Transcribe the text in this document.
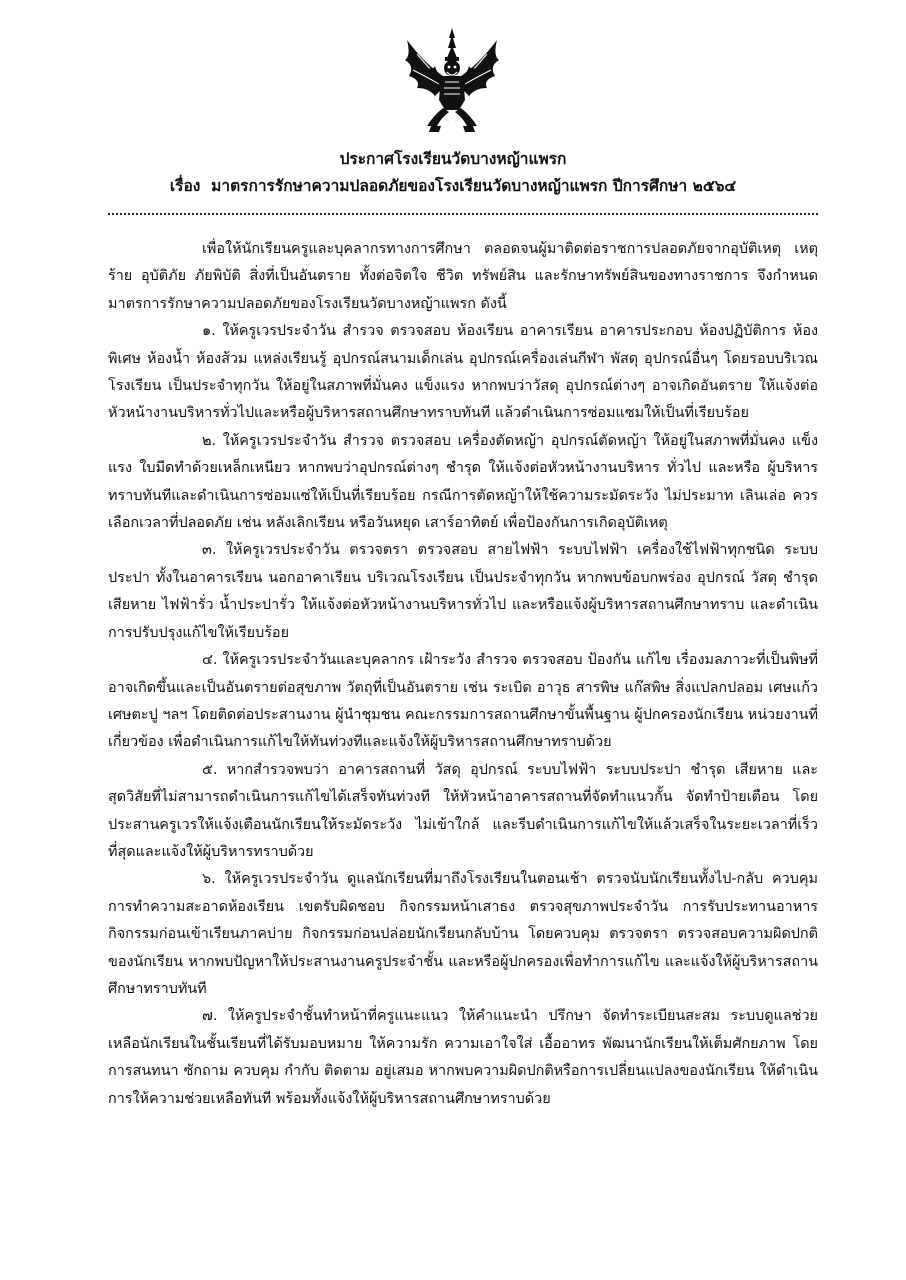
ประกาศโรงเรียนวัดบางหญ้าแพรก
เรื่อง มาตรการรักษาความปลอดภัยของโรงเรียนวัดบางหญ้าแพรก ปีการศึกษา ๒๕๖๔

เพื่อให้นักเรียนครูและบุคลากรทางการศึกษา ตลอดจนผู้มาติดต่อราชการปลอดภัยจากอุบัติเหตุ เหตุร้าย อุบัติภัย ภัยพิบัติ สิ่งที่เป็นอันตราย ทั้งต่อจิตใจ ชีวิต ทรัพย์สิน และรักษาทรัพย์สินของทางราชการ จึงกำหนดมาตรการรักษาความปลอดภัยของโรงเรียนวัดบางหญ้าแพรก ดังนี้

๑. ให้ครูเวรประจำวัน สำรวจ ตรวจสอบ ห้องเรียน อาคารเรียน อาคารประกอบ ห้องปฏิบัติการ ห้องพิเศษ ห้องน้ำ ห้องส้วม แหล่งเรียนรู้ อุปกรณ์สนามเด็กเล่น อุปกรณ์เครื่องเล่นกีฬา พัสดุ อุปกรณ์อื่นๆ โดยรอบบริเวณโรงเรียน เป็นประจำทุกวัน ให้อยู่ในสภาพที่มั่นคง แข็งแรง หากพบว่าวัสดุ อุปกรณ์ต่างๆ อาจเกิดอันตราย ให้แจ้งต่อหัวหน้างานบริหารทั่วไปและหรือผู้บริหารสถานศึกษาทราบทันที แล้วดำเนินการซ่อมแซมให้เป็นที่เรียบร้อย

๒. ให้ครูเวรประจำวัน สำรวจ ตรวจสอบ เครื่องตัดหญ้า อุปกรณ์ตัดหญ้า ให้อยู่ในสภาพที่มั่นคง แข็งแรง ใบมีดทำด้วยเหล็กเหนียว หากพบว่าอุปกรณ์ต่างๆ ชำรุด ให้แจ้งต่อหัวหน้างานบริหาร ทั่วไป และหรือ ผู้บริหารทราบทันทีและดำเนินการซ่อมแซ่ให้เป็นที่เรียบร้อย กรณีการตัดหญ้าให้ใช้ความระมัดระวัง ไม่ประมาท เลินเล่อ ควรเลือกเวลาที่ปลอดภัย เช่น หลังเลิกเรียน หรือวันหยุด เสาร์อาทิตย์ เพื่อป้องกันการเกิดอุบัติเหตุ

๓. ให้ครูเวรประจำวัน ตรวจตรา ตรวจสอบ สายไฟฟ้า ระบบไฟฟ้า เครื่องใช้ไฟฟ้าทุกชนิด ระบบประปา ทั้งในอาคารเรียน นอกอาคาเรียน บริเวณโรงเรียน เป็นประจำทุกวัน หากพบข้อบกพร่อง อุปกรณ์ วัสดุ ชำรุด เสียหาย ไฟฟ้ารั่ว น้ำประปารั่ว ให้แจ้งต่อหัวหน้างานบริหารทั่วไป และหรือแจ้งผู้บริหารสถานศึกษาทราบ และดำเนินการปรับปรุงแก้ไขให้เรียบร้อย

๔. ให้ครูเวรประจำวันและบุคลากร เฝ้าระวัง สำรวจ ตรวจสอบ ป้องกัน แก้ไข เรื่องมลภาวะที่เป็นพิษที่อาจเกิดขึ้นและเป็นอันตรายต่อสุขภาพ วัตถุที่เป็นอันตราย เช่น ระเบิด อาวุธ สารพิษ แก๊สพิษ สิ่งแปลกปลอม เศษแก้ว เศษตะปู ฯลฯ โดยติดต่อประสานงาน ผู้นำชุมชน คณะกรรมการสถานศึกษาขั้นพื้นฐาน ผู้ปกครองนักเรียน หน่วยงานที่เกี่ยวข้อง เพื่อดำเนินการแก้ไขให้ทันท่วงทีและแจ้งให้ผู้บริหารสถานศึกษาทราบด้วย

๕. หากสำรวจพบว่า อาคารสถานที่ วัสดุ อุปกรณ์ ระบบไฟฟ้า ระบบประปา ชำรุด เสียหาย และสุดวิสัยที่ไม่สามารถดำเนินการแก้ไขได้เสร็จทันท่วงที ให้หัวหน้าอาคารสถานที่จัดทำแนวกั้น จัดทำป้ายเตือน โดยประสานครูเวรให้แจ้งเตือนนักเรียนให้ระมัดระวัง ไม่เข้าใกล้ และรีบดำเนินการแก้ไขให้แล้วเสร็จในระยะเวลาที่เร็วที่สุดและแจ้งให้ผู้บริหารทราบด้วย

๖. ให้ครูเวรประจำวัน ดูแลนักเรียนที่มาถึงโรงเรียนในตอนเช้า ตรวจนับนักเรียนทั้งไป-กลับ ควบคุมการทำความสะอาดห้องเรียน เขตรับผิดชอบ กิจกรรมหน้าเสาธง ตรวจสุขภาพประจำวัน การรับประทานอาหาร กิจกรรมก่อนเข้าเรียนภาคบ่าย กิจกรรมก่อนปล่อยนักเรียนกลับบ้าน โดยควบคุม ตรวจตรา ตรวจสอบความผิดปกติของนักเรียน หากพบปัญหาให้ประสานงานครูประจำชั้น และหรือผู้ปกครองเพื่อทำการแก้ไข และแจ้งให้ผู้บริหารสถานศึกษาทราบทันที

๗. ให้ครูประจำชั้นทำหน้าที่ครูแนะแนว ให้คำแนะนำ ปรึกษา จัดทำระเบียนสะสม ระบบดูแลช่วยเหลือนักเรียนในชั้นเรียนที่ได้รับมอบหมาย ให้ความรัก ความเอาใจใส่ เอื้ออาทร พัฒนานักเรียนให้เต็มศักยภาพ โดยการสนทนา ซักถาม ควบคุม กำกับ ติดตาม อยู่เสมอ หากพบความผิดปกติหรือการเปลี่ยนแปลงของนักเรียน ให้ดำเนินการให้ความช่วยเหลือทันที พร้อมทั้งแจ้งให้ผู้บริหารสถานศึกษาทราบด้วย
